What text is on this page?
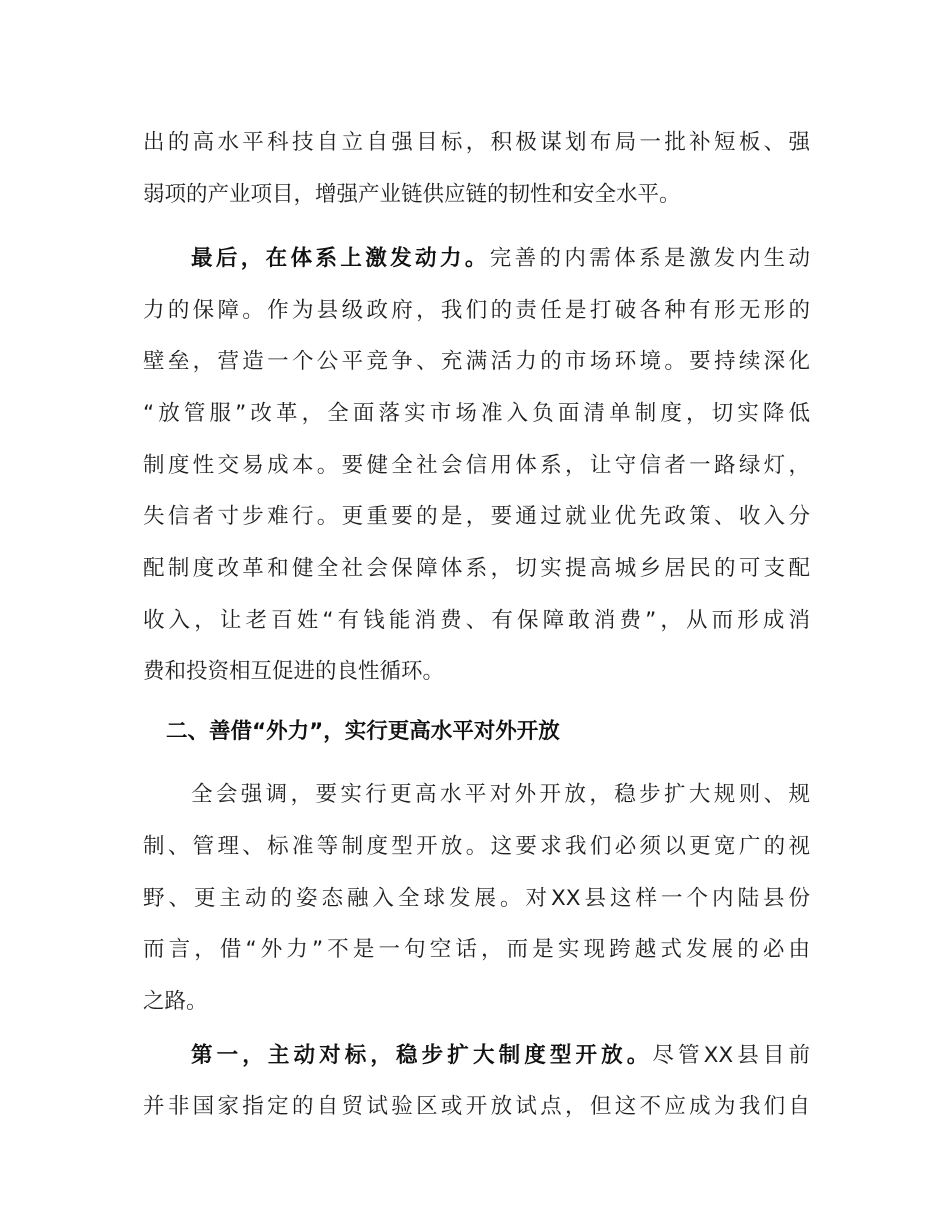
出的高水平科技自立自强目标，积极谋划布局一批补短板、强
弱项的产业项目，增强产业链供应链的韧性和安全水平。
最后，在体系上激发动力。完善的内需体系是激发内生动
力的保障。作为县级政府，我们的责任是打破各种有形无形的
壁垒，营造一个公平竞争、充满活力的市场环境。要持续深化
“放管服”改革，全面落实市场准入负面清单制度，切实降低
制度性交易成本。要健全社会信用体系，让守信者一路绿灯，
失信者寸步难行。更重要的是，要通过就业优先政策、收入分
配制度改革和健全社会保障体系，切实提高城乡居民的可支配
收入，让老百姓“有钱能消费、有保障敢消费”，从而形成消
费和投资相互促进的良性循环。
二、善借“外力”，实行更高水平对外开放
全会强调，要实行更高水平对外开放，稳步扩大规则、规
制、管理、标准等制度型开放。这要求我们必须以更宽广的视
野、更主动的姿态融入全球发展。对XX县这样一个内陆县份
而言，借“外力”不是一句空话，而是实现跨越式发展的必由
之路。
第一，主动对标，稳步扩大制度型开放。尽管XX县目前
并非国家指定的自贸试验区或开放试点，但这不应成为我们自
